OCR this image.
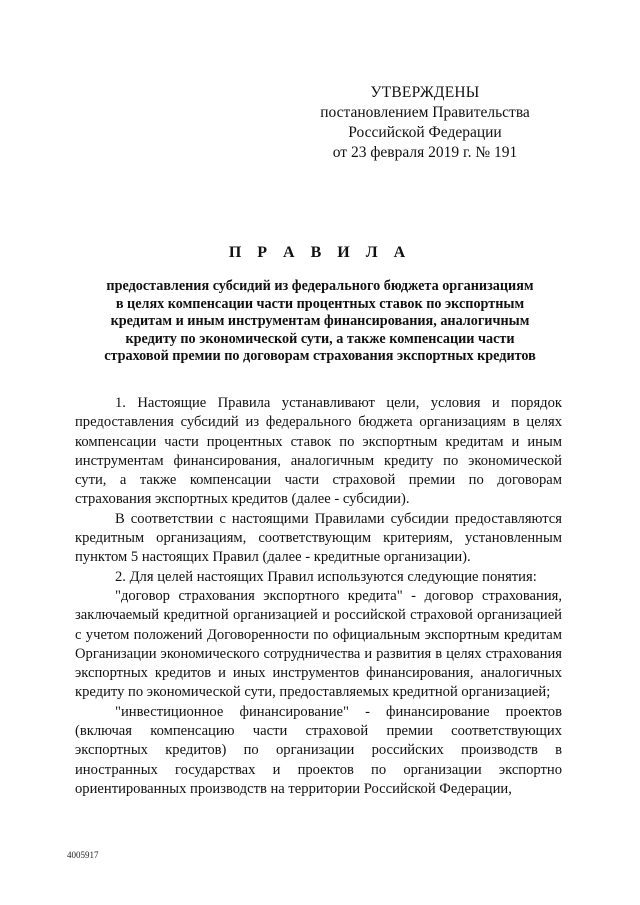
УТВЕРЖДЕНЫ
постановлением Правительства
Российской Федерации
от 23 февраля 2019 г. № 191
П Р А В И Л А
предоставления субсидий из федерального бюджета организациям
в целях компенсации части процентных ставок по экспортным
кредитам и иным инструментам финансирования, аналогичным
кредиту по экономической сути, а также компенсации части
страховой премии по договорам страхования экспортных кредитов

1. Настоящие Правила устанавливают цели, условия и порядок предоставления субсидий из федерального бюджета организациям в целях компенсации части процентных ставок по экспортным кредитам и иным инструментам финансирования, аналогичным кредиту по экономической сути, а также компенсации части страховой премии по договорам страхования экспортных кредитов (далее - субсидии).

В соответствии с настоящими Правилами субсидии предоставляются кредитным организациям, соответствующим критериям, установленным пунктом 5 настоящих Правил (далее - кредитные организации).

2. Для целей настоящих Правил используются следующие понятия:

"договор страхования экспортного кредита" - договор страхования, заключаемый кредитной организацией и российской страховой организацией с учетом положений Договоренности по официальным экспортным кредитам Организации экономического сотрудничества и развития в целях страхования экспортных кредитов и иных инструментов финансирования, аналогичных кредиту по экономической сути, предоставляемых кредитной организацией;

"инвестиционное финансирование" - финансирование проектов (включая компенсацию части страховой премии соответствующих экспортных кредитов) по организации российских производств в иностранных государствах и проектов по организации экспортно ориентированных производств на территории Российской Федерации,

4005917
